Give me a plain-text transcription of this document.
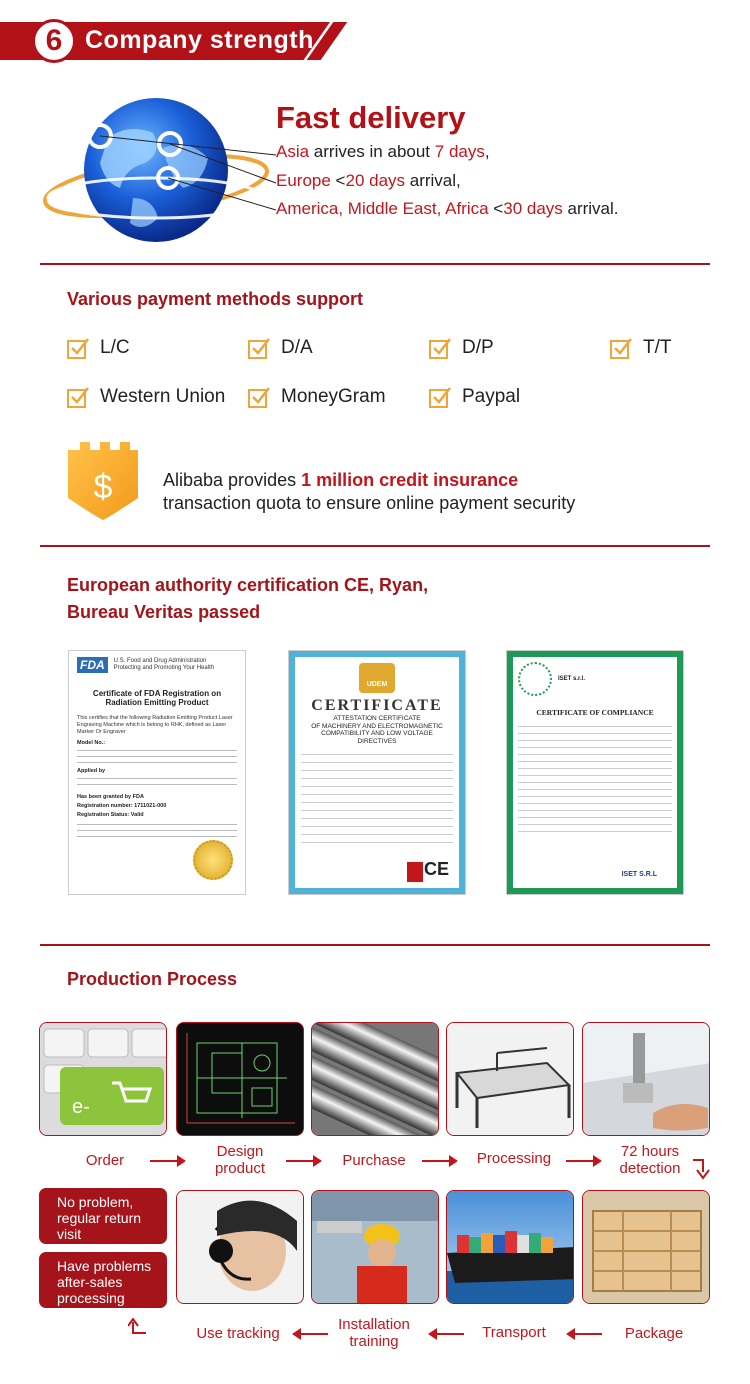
6 Company strength
Fast delivery
Asia arrives in about 7 days,
Europe <20 days arrival,
America, Middle East, Africa <30 days arrival.
Various payment methods support
L/C	D/A	D/P	T/T
Western Union	MoneyGram	Paypal
$	Alibaba provides 1 million credit insurance
transaction quota to ensure online payment security
European authority certification CE, Ryan,
Bureau Veritas passed
FDA	U.S. Food and Drug Administration
Protecting and Promoting Your Health
Certificate of FDA Registration on Radiation Emitting Product
This certifies that the following Radiation Emitting Product Laser Engraving Machine which is belong to RHK, defined as Laser Marker Or Engraver
Model No.:
Applied by
Has been granted by FDA
Registration number: 1711021-000
Registration Status: Valid
UDEM
CERTIFICATE
ATTESTATION CERTIFICATE
OF MACHINERY AND ELECTROMAGNETIC
COMPATIBILITY AND LOW VOLTAGE DIRECTIVES
CE
ISET s.r.l.
CERTIFICATE OF COMPLIANCE
ISET S.R.L
Production Process
e-
Order
Design
product	Purchase	Processing	72 hours
detection
No problem,
regular return
visit
Have problems
after-sales
processing
Use tracking
Installation
training
Transport	Package
